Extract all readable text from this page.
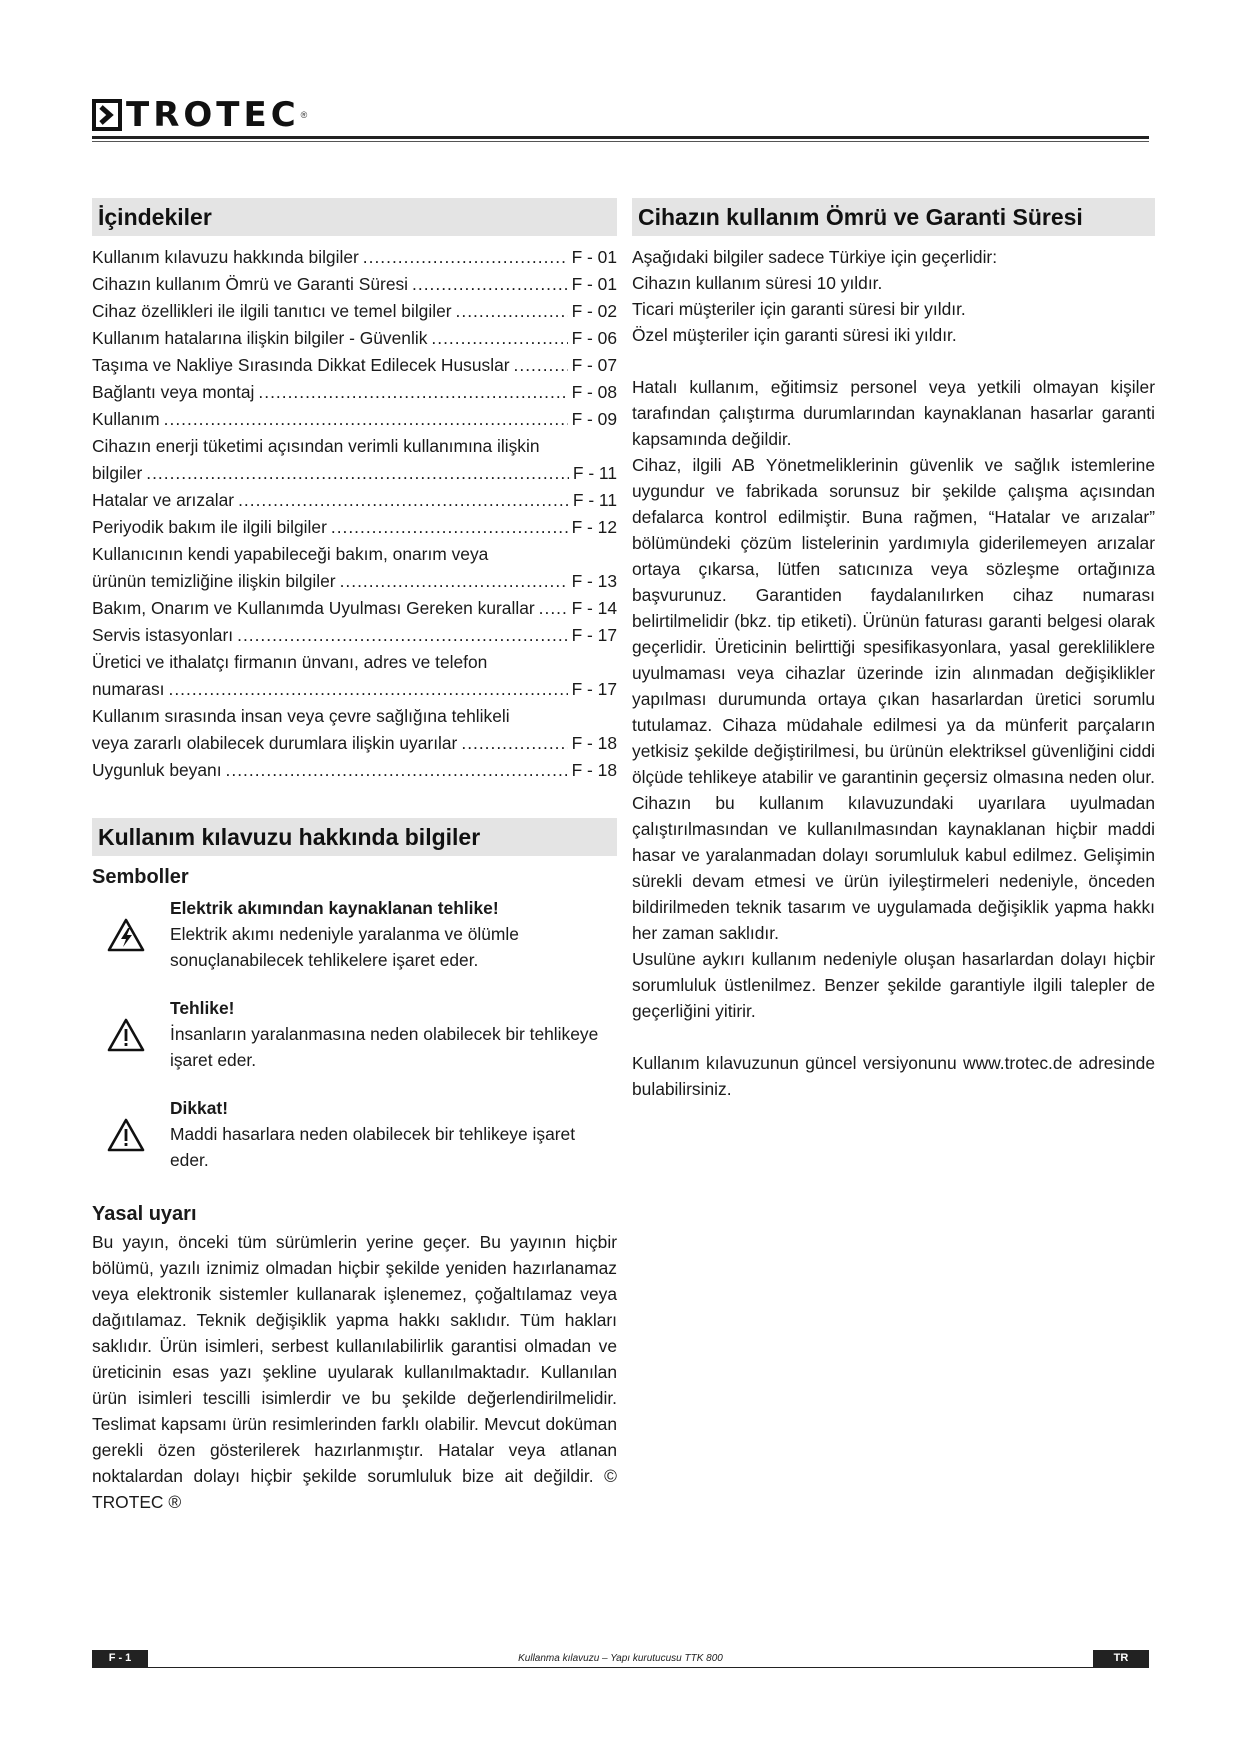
TROTEC ®
İçindekiler
Kullanım kılavuzu hakkında bilgiler .....	F - 01
Cihazın kullanım Ömrü ve Garanti Süresi .....	F - 01
Cihaz özellikleri ile ilgili tanıtıcı ve temel bilgiler .....	F - 02
Kullanım hatalarına ilişkin bilgiler - Güvenlik .....	F - 06
Taşıma ve Nakliye Sırasında Dikkat Edilecek Hususlar .....	F - 07
Bağlantı veya montaj .....	F - 08
Kullanım .....	F - 09
Cihazın enerji tüketimi açısından verimli kullanımına ilişkin
bilgiler .....	F - 11
Hatalar ve arızalar .....	F - 11
Periyodik bakım ile ilgili bilgiler .....	F - 12
Kullanıcının kendi yapabileceği bakım, onarım veya
ürünün temizliğine ilişkin bilgiler .....	F - 13
Bakım, Onarım ve Kullanımda Uyulması Gereken kurallar ..... F - 14
Servis istasyonları .....	F - 17
Üretici ve ithalatçı firmanın ünvanı, adres ve telefon
numarası .....	F - 17
Kullanım sırasında insan veya çevre sağlığına tehlikeli
veya zararlı olabilecek durumlara ilişkin uyarılar .....	F - 18
Uygunluk beyanı .....	F - 18
Kullanım kılavuzu hakkında bilgiler
Semboller
Elektrik akımından kaynaklanan tehlike!
Elektrik akımı nedeniyle yaralanma ve ölümle sonuçlanabilecek tehlikelere işaret eder.
Tehlike!
İnsanların yaralanmasına neden olabilecek bir tehlikeye işaret eder.
Dikkat!
Maddi hasarlara neden olabilecek bir tehlikeye işaret eder.
Yasal uyarı

Bu yayın, önceki tüm sürümlerin yerine geçer. Bu yayının hiçbir bölümü, yazılı iznimiz olmadan hiçbir şekilde yeniden hazırlanamaz veya elektronik sistemler kullanarak işlenemez, çoğaltılamaz veya dağıtılamaz. Teknik değişiklik yapma hakkı saklıdır. Tüm hakları saklıdır. Ürün isimleri, serbest kullanılabilirlik garantisi olmadan ve üreticinin esas yazı şekline uyularak kullanılmaktadır. Kullanılan ürün isimleri tescilli isimlerdir ve bu şekilde değerlendirilmelidir. Teslimat kapsamı ürün resimlerinden farklı olabilir. Mevcut doküman gerekli özen gösterilerek hazırlanmıştır. Hatalar veya atlanan noktalardan dolayı hiçbir şekilde sorumluluk bize ait değildir. © TROTEC ®

Cihazın kullanım Ömrü ve Garanti Süresi

Aşağıdaki bilgiler sadece Türkiye için geçerlidir:

Cihazın kullanım süresi 10 yıldır.

Ticari müşteriler için garanti süresi bir yıldır.

Özel müşteriler için garanti süresi iki yıldır.

Hatalı kullanım, eğitimsiz personel veya yetkili olmayan kişiler tarafından çalıştırma durumlarından kaynaklanan hasarlar garanti kapsamında değildir.

Cihaz, ilgili AB Yönetmeliklerinin güvenlik ve sağlık istemlerine uygundur ve fabrikada sorunsuz bir şekilde çalışma açısından defalarca kontrol edilmiştir. Buna rağmen, “Hatalar ve arızalar” bölümündeki çözüm listelerinin yardımıyla giderilemeyen arızalar ortaya çıkarsa, lütfen satıcınıza veya sözleşme ortağınıza başvurunuz. Garantiden faydalanılırken cihaz numarası belirtilmelidir (bkz. tip etiketi). Ürünün faturası garanti belgesi olarak geçerlidir. Üreticinin belirttiği spesifikasyonlara, yasal gerekliliklere uyulmaması veya cihazlar üzerinde izin alınmadan değişiklikler yapılması durumunda ortaya çıkan hasarlardan üretici sorumlu tutulamaz. Cihaza müdahale edilmesi ya da münferit parçaların yetkisiz şekilde değiştirilmesi, bu ürünün elektriksel güvenliğini ciddi ölçüde tehlikeye atabilir ve garantinin geçersiz olmasına neden olur. Cihazın bu kullanım kılavuzundaki uyarılara uyulmadan çalıştırılmasından ve kullanılmasından kaynaklanan hiçbir maddi hasar ve yaralanmadan dolayı sorumluluk kabul edilmez. Gelişimin sürekli devam etmesi ve ürün iyileştirmeleri nedeniyle, önceden bildirilmeden teknik tasarım ve uygulamada değişiklik yapma hakkı her zaman saklıdır.

Usulüne aykırı kullanım nedeniyle oluşan hasarlardan dolayı hiçbir sorumluluk üstlenilmez. Benzer şekilde garantiyle ilgili talepler de geçerliğini yitirir.

Kullanım kılavuzunun güncel versiyonunu www.trotec.de adresinde bulabilirsiniz.

Kullanma kılavuzu – Yapı kurutucusu TTK 800
F - 1	TR
